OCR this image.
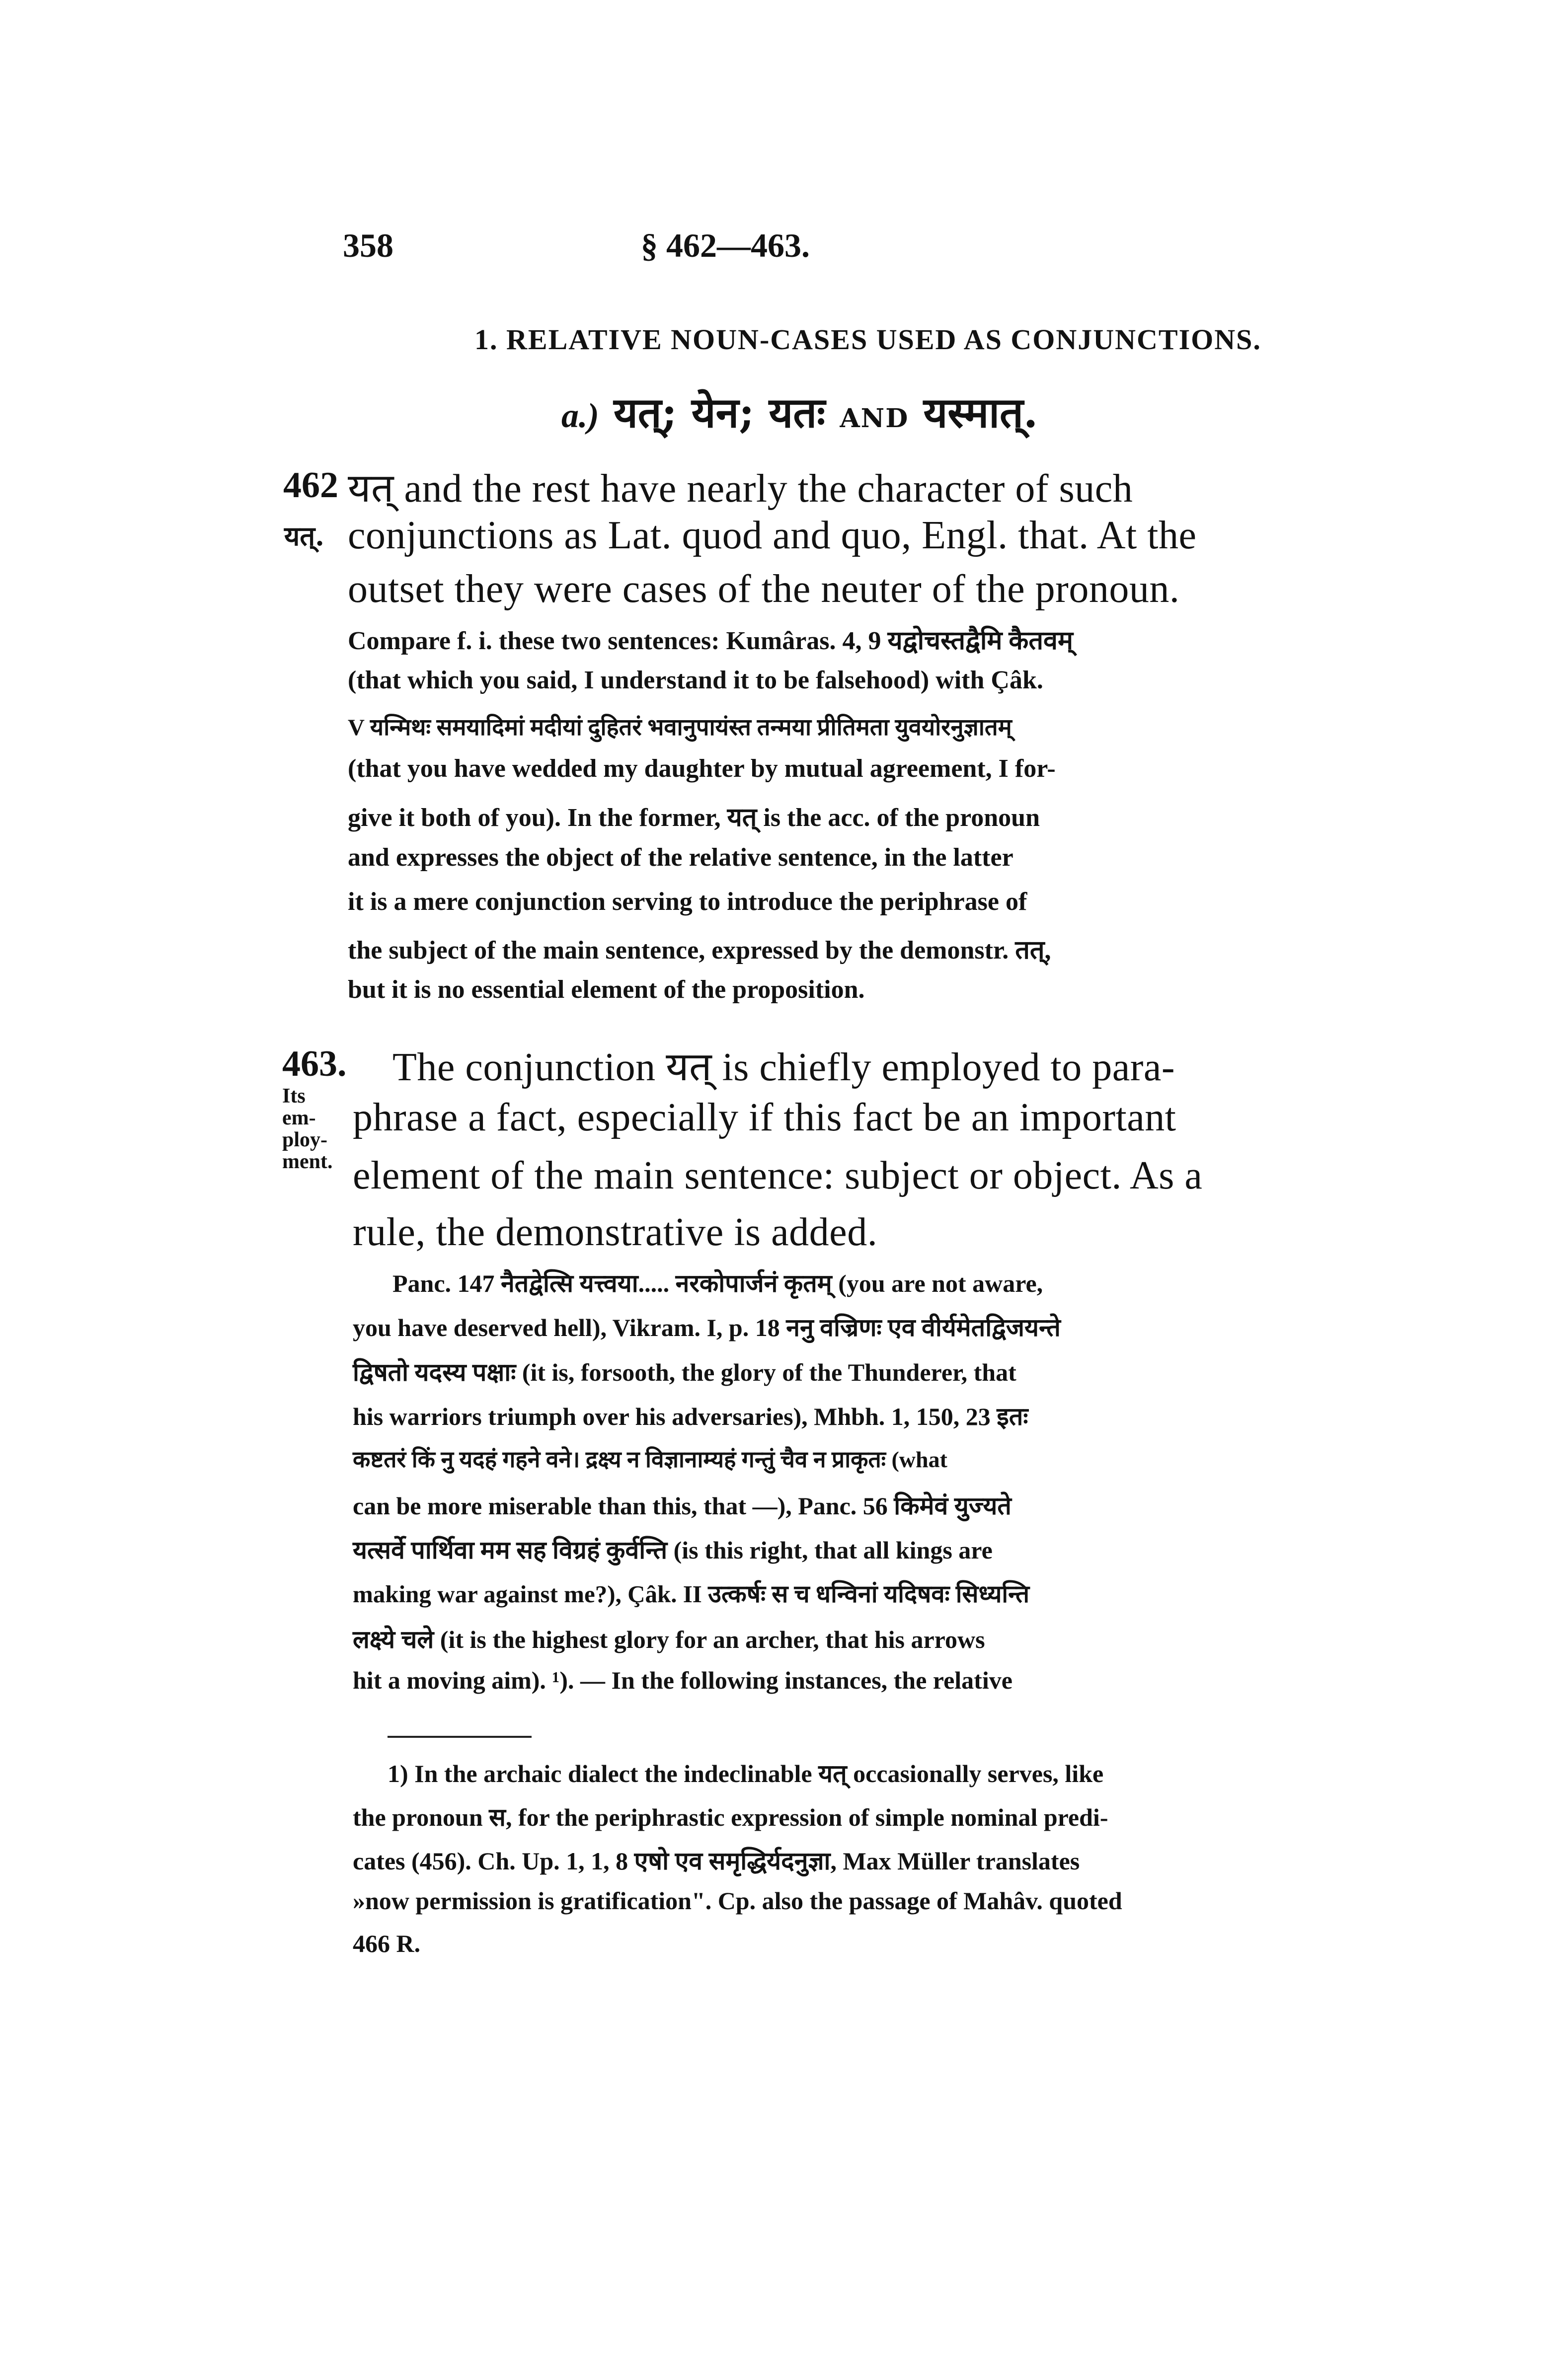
358	§ 462—463.
1. RELATIVE NOUN-CASES USED AS CONJUNCTIONS.
a.) यत्; येन; यतः AND यस्मात्.
462
यत्.
यत् and the rest have nearly the character of such
conjunctions as Lat. quod and quo, Engl. that. At the
outset they were cases of the neuter of the pronoun.
Compare f. i. these two sentences: Kumâras. 4, 9 यद्वोचस्तद्वैमि कैतवम्
(that which you said, I understand it to be falsehood) with Çâk.
V यन्मिथः समयादिमां मदीयां दुहितरं भवानुपायंस्त तन्मया प्रीतिमता युवयोरनुज्ञातम्
(that you have wedded my daughter by mutual agreement, I for-
give it both of you). In the former, यत् is the acc. of the pronoun
and expresses the object of the relative sentence, in the latter
it is a mere conjunction serving to introduce the periphrase of
the subject of the main sentence, expressed by the demonstr. तत्,
but it is no essential element of the proposition.
463.
Its em-ploy-ment.
The conjunction यत् is chiefly employed to para-
phrase a fact, especially if this fact be an important
element of the main sentence: subject or object. As a
rule, the demonstrative is added.
Panc. 147 नैतद्वेत्सि यत्त्वया..... नरकोपार्जनं कृतम् (you are not aware,
you have deserved hell), Vikram. I, p. 18 ननु वज्रिणः एव वीर्यमेतद्विजयन्ते
द्विषतो यदस्य पक्षाः (it is, forsooth, the glory of the Thunderer, that
his warriors triumph over his adversaries), Mhbh. 1, 150, 23 इतः
कष्टतरं किं नु यदहं गहने वने। द्रक्ष्य न विज्ञानाम्यहं गन्तुं चैव न प्राकृतः (what
can be more miserable than this, that —), Panc. 56 किमेवं युज्यते
यत्सर्वे पार्थिवा मम सह विग्रहं कुर्वन्ति (is this right, that all kings are
making war against me?), Çâk. II उत्कर्षः स च धन्विनां यदिषवः सिध्यन्ति
लक्ष्ये चले (it is the highest glory for an archer, that his arrows
hit a moving aim). ¹). — In the following instances, the relative
1) In the archaic dialect the indeclinable यत् occasionally serves, like
the pronoun स, for the periphrastic expression of simple nominal predi-
cates (456). Ch. Up. 1, 1, 8 एषो एव समृद्धिर्यदनुज्ञा, Max Müller translates
»now permission is gratification". Cp. also the passage of Mahâv. quoted
466 R.
